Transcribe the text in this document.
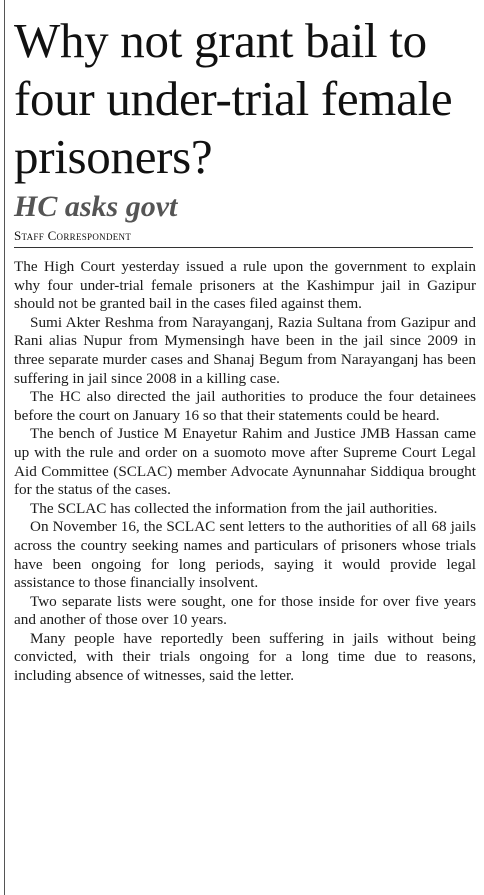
Why not grant bail to four under-trial female prisoners?
HC asks govt
Staff Correspondent

The High Court yesterday issued a rule upon the government to explain why four under-trial female prisoners at the Kashimpur jail in Gazipur should not be granted bail in the cases filed against them.

Sumi Akter Reshma from Narayanganj, Razia Sultana from Gazipur and Rani alias Nupur from Mymensingh have been in the jail since 2009 in three separate murder cases and Shanaj Begum from Narayanganj has been suffering in jail since 2008 in a killing case.

The HC also directed the jail authorities to produce the four detainees before the court on January 16 so that their statements could be heard.

The bench of Justice M Enayetur Rahim and Justice JMB Hassan came up with the rule and order on a suomoto move after Supreme Court Legal Aid Committee (SCLAC) member Advocate Aynunnahar Siddiqua brought for the status of the cases.

The SCLAC has collected the information from the jail authorities.

On November 16, the SCLAC sent letters to the authorities of all 68 jails across the country seeking names and particulars of prisoners whose trials have been ongoing for long periods, saying it would provide legal assistance to those financially insolvent.

Two separate lists were sought, one for those inside for over five years and another of those over 10 years.

Many people have reportedly been suffering in jails without being convicted, with their trials ongoing for a long time due to reasons, including absence of witnesses, said the letter.
